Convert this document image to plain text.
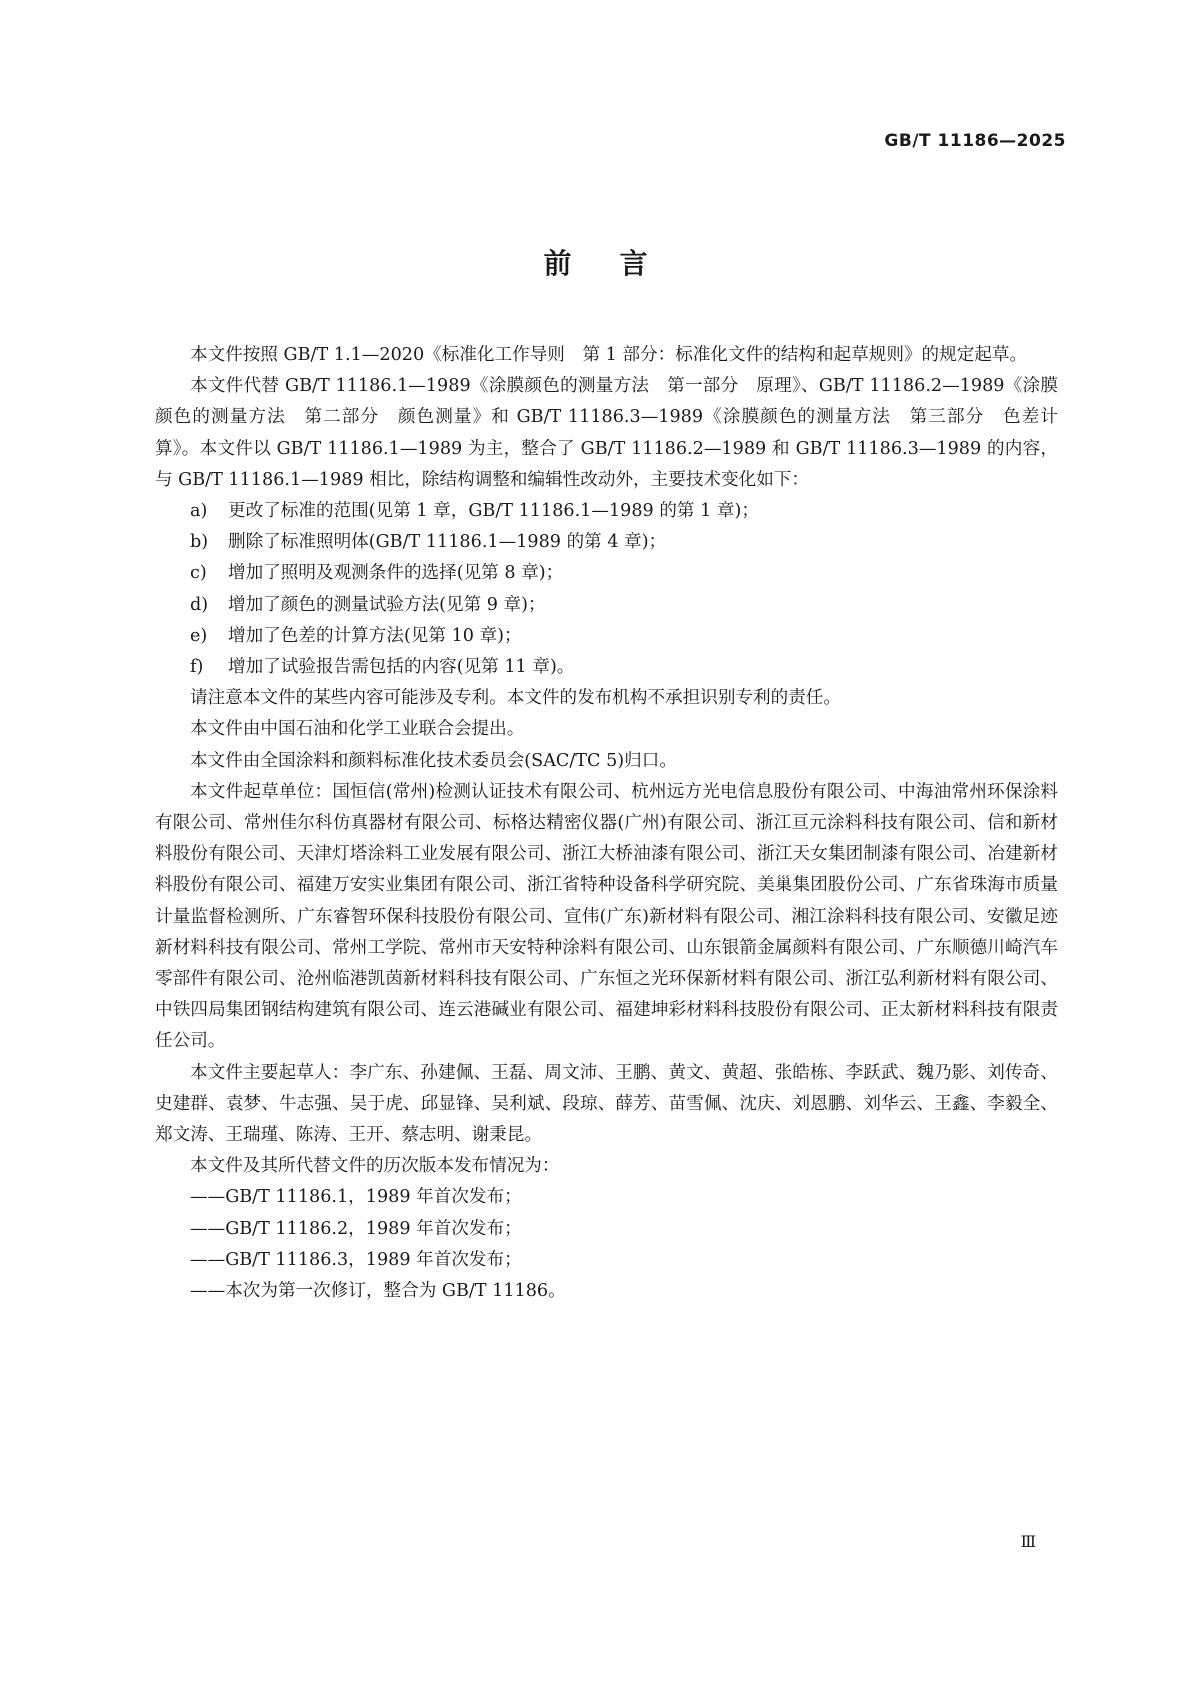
GB/T 11186—2025
前言

本文件按照 GB/T 1.1—2020《标准化工作导则　第 1 部分：标准化文件的结构和起草规则》的规定起草。

本文件代替 GB/T 11186.1—1989《涂膜颜色的测量方法　第一部分　原理》、GB/T 11186.2—1989《涂膜颜色的测量方法　第二部分　颜色测量》和 GB/T 11186.3—1989《涂膜颜色的测量方法　第三部分　色差计算》。本文件以 GB/T 11186.1—1989 为主，整合了 GB/T 11186.2—1989 和 GB/T 11186.3—1989 的内容，与 GB/T 11186.1—1989 相比，除结构调整和编辑性改动外，主要技术变化如下：

a) 更改了标准的范围(见第 1 章，GB/T 11186.1—1989 的第 1 章)；

b) 删除了标准照明体(GB/T 11186.1—1989 的第 4 章)；

c) 增加了照明及观测条件的选择(见第 8 章)；

d) 增加了颜色的测量试验方法(见第 9 章)；

e) 增加了色差的计算方法(见第 10 章)；

f) 增加了试验报告需包括的内容(见第 11 章)。

请注意本文件的某些内容可能涉及专利。本文件的发布机构不承担识别专利的责任。

本文件由中国石油和化学工业联合会提出。

本文件由全国涂料和颜料标准化技术委员会(SAC/TC 5)归口。

本文件起草单位：国恒信(常州)检测认证技术有限公司、杭州远方光电信息股份有限公司、中海油常州环保涂料有限公司、常州佳尔科仿真器材有限公司、标格达精密仪器(广州)有限公司、浙江亘元涂料科技有限公司、信和新材料股份有限公司、天津灯塔涂料工业发展有限公司、浙江大桥油漆有限公司、浙江天女集团制漆有限公司、冶建新材料股份有限公司、福建万安实业集团有限公司、浙江省特种设备科学研究院、美巢集团股份公司、广东省珠海市质量计量监督检测所、广东睿智环保科技股份有限公司、宣伟(广东)新材料有限公司、湘江涂料科技有限公司、安徽足迹新材料科技有限公司、常州工学院、常州市天安特种涂料有限公司、山东银箭金属颜料有限公司、广东顺德川崎汽车零部件有限公司、沧州临港凯茵新材料科技有限公司、广东恒之光环保新材料有限公司、浙江弘利新材料有限公司、中铁四局集团钢结构建筑有限公司、连云港碱业有限公司、福建坤彩材料科技股份有限公司、正太新材料科技有限责任公司。

本文件主要起草人：李广东、孙建佩、王磊、周文沛、王鹏、黄文、黄超、张皓栋、李跃武、魏乃影、刘传奇、史建群、袁梦、牛志强、吴于虎、邱显锋、吴利斌、段琼、薛芳、苗雪佩、沈庆、刘恩鹏、刘华云、王鑫、李毅全、郑文涛、王瑞瑾、陈涛、王开、蔡志明、谢秉昆。

本文件及其所代替文件的历次版本发布情况为：

——GB/T 11186.1，1989 年首次发布；

——GB/T 11186.2，1989 年首次发布；

——GB/T 11186.3，1989 年首次发布；

——本次为第一次修订，整合为 GB/T 11186。

Ⅲ
